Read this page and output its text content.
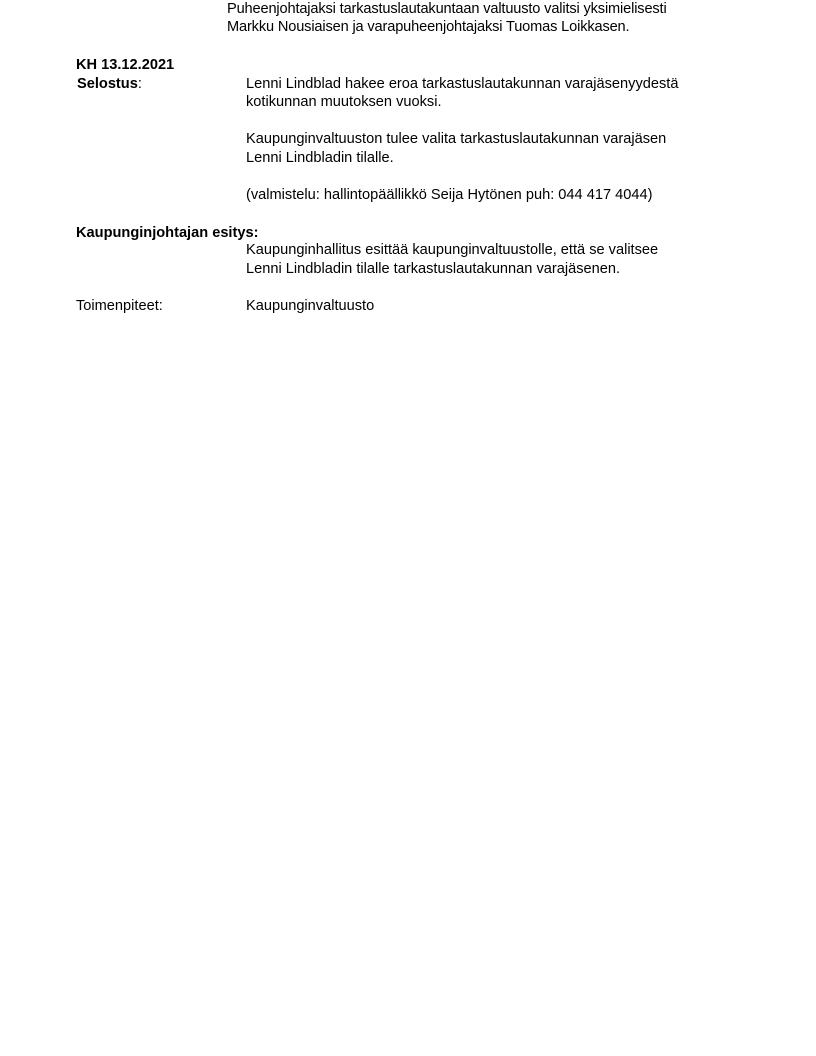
Puheenjohtajaksi tarkastuslautakuntaan valtuusto valitsi yksimielisesti
Markku Nousiaisen ja varapuheenjohtajaksi Tuomas Loikkasen.
KH 13.12.2021
Selostus:	Lenni Lindblad hakee eroa tarkastuslautakunnan varajäsenyydestä
kotikunnan muutoksen vuoksi.
Kaupunginvaltuuston tulee valita tarkastuslautakunnan varajäsen
Lenni Lindbladin tilalle.
(valmistelu: hallintopäällikkö Seija Hytönen puh: 044 417 4044)
Kaupunginjohtajan esitys:
Kaupunginhallitus esittää kaupunginvaltuustolle, että se valitsee
Lenni Lindbladin tilalle tarkastuslautakunnan varajäsenen.
Toimenpiteet:	Kaupunginvaltuusto
